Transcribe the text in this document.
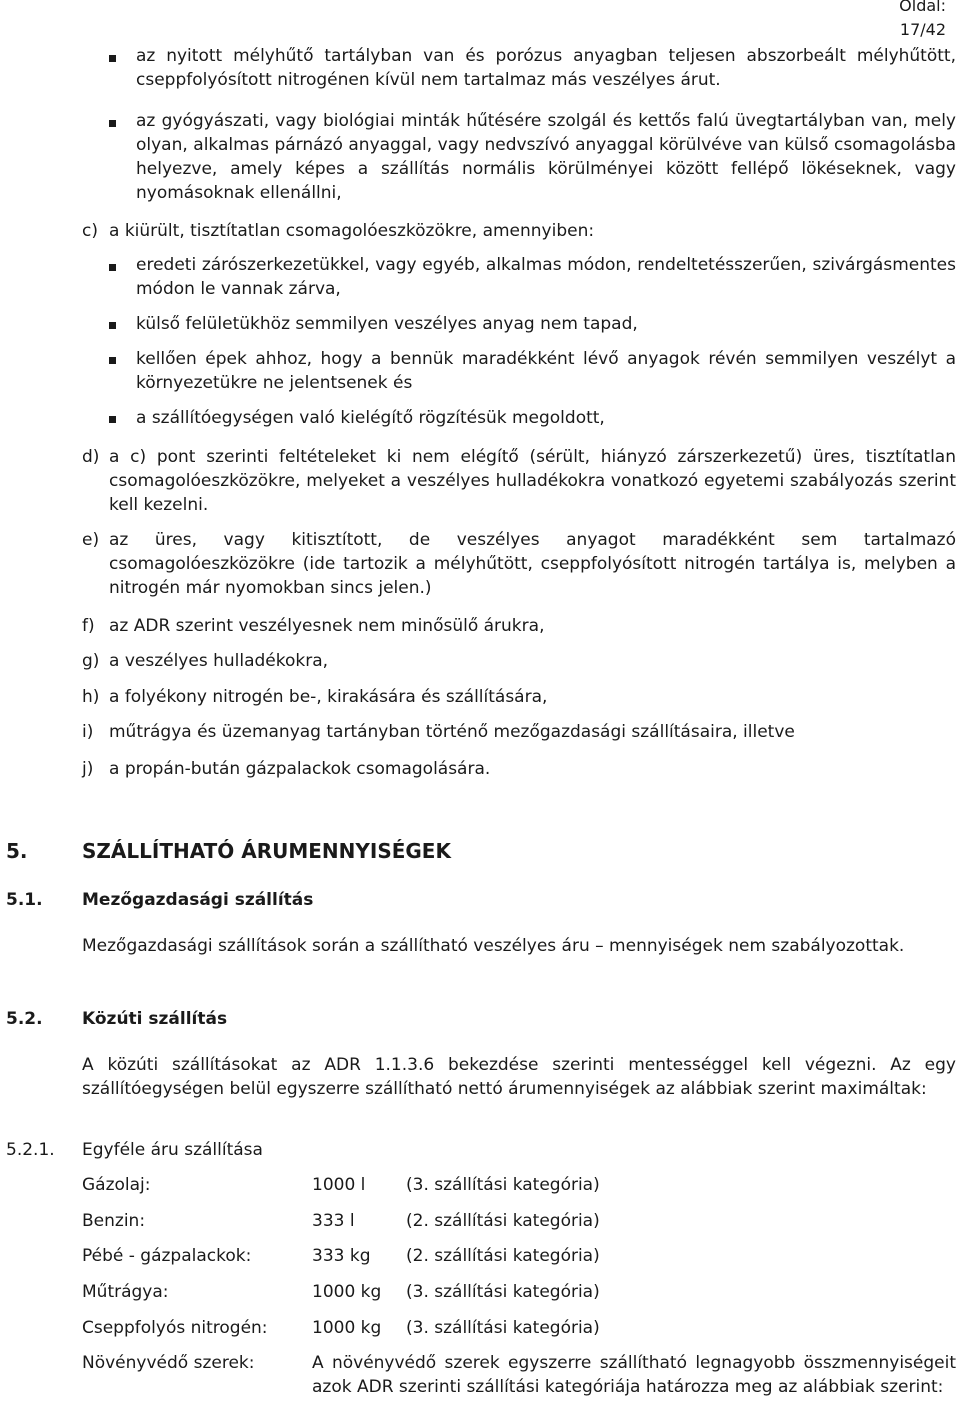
Oldal:
17/42
az nyitott mélyhűtő tartályban van és porózus anyagban teljesen abszorbeált mélyhűtött, cseppfolyósított nitrogénen kívül nem tartalmaz más veszélyes árut.
az gyógyászati, vagy biológiai minták hűtésére szolgál és kettős falú üvegtartályban van, mely olyan, alkalmas párnázó anyaggal, vagy nedvszívó anyaggal körülvéve van külső csomagolásba helyezve, amely képes a szállítás normális körülményei között fellépő lökéseknek, vagy nyomásoknak ellenállni,
c) a kiürült, tisztítatlan csomagolóeszközökre, amennyiben:
eredeti zárószerkezetükkel, vagy egyéb, alkalmas módon, rendeltetésszerűen, szivárgásmentes módon le vannak zárva,
külső felületükhöz semmilyen veszélyes anyag nem tapad,
kellően épek ahhoz, hogy a bennük maradékként lévő anyagok révén semmilyen veszélyt a környezetükre ne jelentsenek és
a szállítóegységen való kielégítő rögzítésük megoldott,
d) a c) pont szerinti feltételeket ki nem elégítő (sérült, hiányzó zárszerkezetű) üres, tisztítatlan csomagolóeszközökre, melyeket a veszélyes hulladékokra vonatkozó egyetemi szabályozás szerint kell kezelni.
e) az üres, vagy kitisztított, de veszélyes anyagot maradékként sem tartalmazó csomagolóeszközökre (ide tartozik a mélyhűtött, cseppfolyósított nitrogén tartálya is, melyben a nitrogén már nyomokban sincs jelen.)
f) az ADR szerint veszélyesnek nem minősülő árukra,
g) a veszélyes hulladékokra,
h) a folyékony nitrogén be-, kirakására és szállítására,
i) műtrágya és üzemanyag tartányban történő mezőgazdasági szállításaira, illetve
j) a propán-bután gázpalackok csomagolására.
5.	SZÁLLÍTHATÓ ÁRUMENNYISÉGEK
5.1. Mezőgazdasági szállítás
Mezőgazdasági szállítások során a szállítható veszélyes áru – mennyiségek nem szabályozottak.
5.2. Közúti szállítás
A közúti szállításokat az ADR 1.1.3.6 bekezdése szerinti mentességgel kell végezni. Az egy szállítóegységen belül egyszerre szállítható nettó árumennyiségek az alábbiak szerint maximáltak:
5.2.1. Egyféle áru szállítása
Gázolaj:	1000 l (3. szállítási kategória)
Benzin:	333 l	(2. szállítási kategória)
Pébé - gázpalackok:	333 kg (2. szállítási kategória)
Műtrágya:	1000 kg (3. szállítási kategória)
Cseppfolyós nitrogén:	1000 kg (3. szállítási kategória)
Növényvédő szerek:	A növényvédő szerek egyszerre szállítható legnagyobb összmennyiségeit azok ADR szerinti szállítási kategóriája határozza meg az alábbiak szerint:
